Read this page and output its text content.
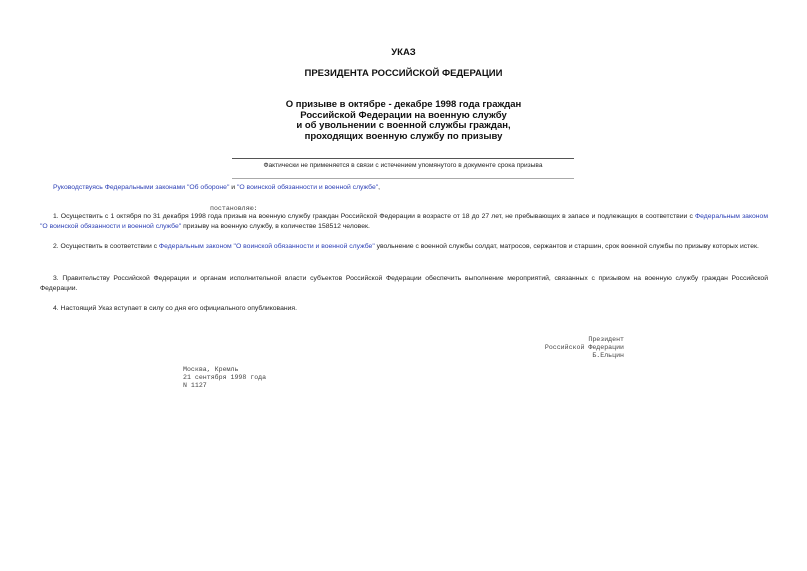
УКАЗ
ПРЕЗИДЕНТА РОССИЙСКОЙ ФЕДЕРАЦИИ
О призыве в октябре - декабре 1998 года граждан
Российской Федерации на военную службу
и об увольнении с военной службы граждан,
проходящих военную службу по призыву
Фактически не применяется в связи с истечением упомянутого в документе срока призыва
Руководствуясь Федеральными законами "Об обороне" и "О воинской обязанности и военной службе",
постановляю:
1. Осуществить с 1 октября по 31 декабря 1998 года призыв на военную службу граждан Российской Федерации в возрасте от 18 до 27 лет, не пребывающих в запасе и подлежащих в соответствии с Федеральным законом "О воинской обязанности и военной службе" призыву на военную службу, в количестве 158512 человек.
2. Осуществить в соответствии с Федеральным законом "О воинской обязанности и военной службе" увольнение с военной службы солдат, матросов, сержантов и старшин, срок военной службы по призыву которых истек.
3. Правительству Российской Федерации и органам исполнительной власти субъектов Российской Федерации обеспечить выполнение мероприятий, связанных с призывом на военную службу граждан Российской Федерации.
4. Настоящий Указ вступает в силу со дня его официального опубликования.
Президент
Российской Федерации
Б.Ельцин
Москва, Кремль
21 сентября 1998 года
N 1127
